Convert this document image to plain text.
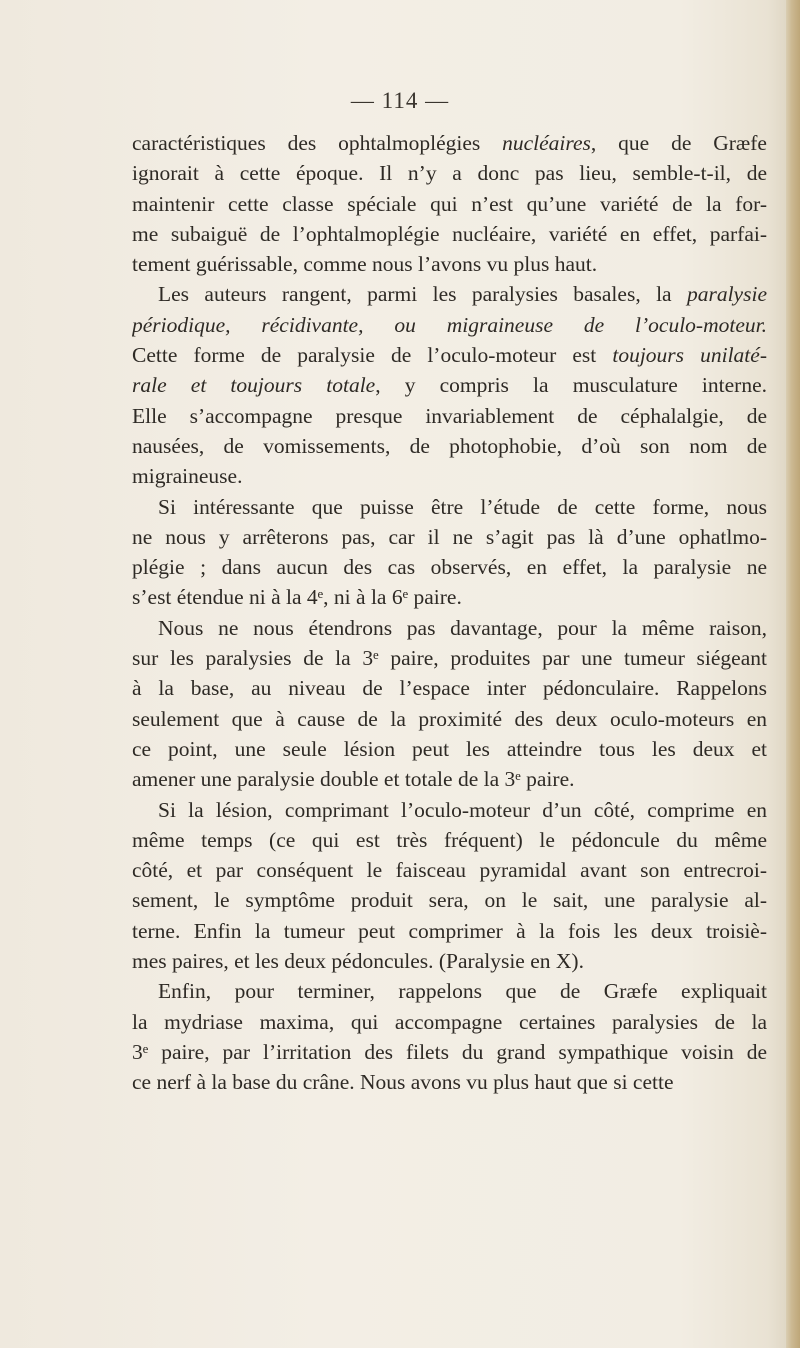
— 114 —
caractéristiques des ophtalmoplégies nucléaires, que de Græfe
ignorait à cette époque. Il n’y a donc pas lieu, semble-t-il, de
maintenir cette classe spéciale qui n’est qu’une variété de la for-
me subaiguë de l’ophtalmoplégie nucléaire, variété en effet, parfai-
tement guérissable, comme nous l’avons vu plus haut.
Les auteurs rangent, parmi les paralysies basales, la paralysie
périodique, récidivante, ou migraineuse de l’oculo-moteur.
Cette forme de paralysie de l’oculo-moteur est toujours unilaté-
rale et toujours totale, y compris la musculature interne.
Elle s’accompagne presque invariablement de céphalalgie, de
nausées, de vomissements, de photophobie, d’où son nom de
migraineuse.
Si intéressante que puisse être l’étude de cette forme, nous
ne nous y arrêterons pas, car il ne s’agit pas là d’une ophatlmo-
plégie ; dans aucun des cas observés, en effet, la paralysie ne
s’est étendue ni à la 4ᵉ, ni à la 6ᵉ paire.
Nous ne nous étendrons pas davantage, pour la même raison,
sur les paralysies de la 3ᵉ paire, produites par une tumeur siégeant
à la base, au niveau de l’espace inter pédonculaire. Rappelons
seulement que à cause de la proximité des deux oculo-moteurs en
ce point, une seule lésion peut les atteindre tous les deux et
amener une paralysie double et totale de la 3ᵉ paire.
Si la lésion, comprimant l’oculo-moteur d’un côté, comprime en
même temps (ce qui est très fréquent) le pédoncule du même
côté, et par conséquent le faisceau pyramidal avant son entrecroi-
sement, le symptôme produit sera, on le sait, une paralysie al-
terne. Enfin la tumeur peut comprimer à la fois les deux troisiè-
mes paires, et les deux pédoncules. (Paralysie en X).
Enfin, pour terminer, rappelons que de Græfe expliquait
la mydriase maxima, qui accompagne certaines paralysies de la
3ᵉ paire, par l’irritation des filets du grand sympathique voisin de
ce nerf à la base du crâne. Nous avons vu plus haut que si cette
